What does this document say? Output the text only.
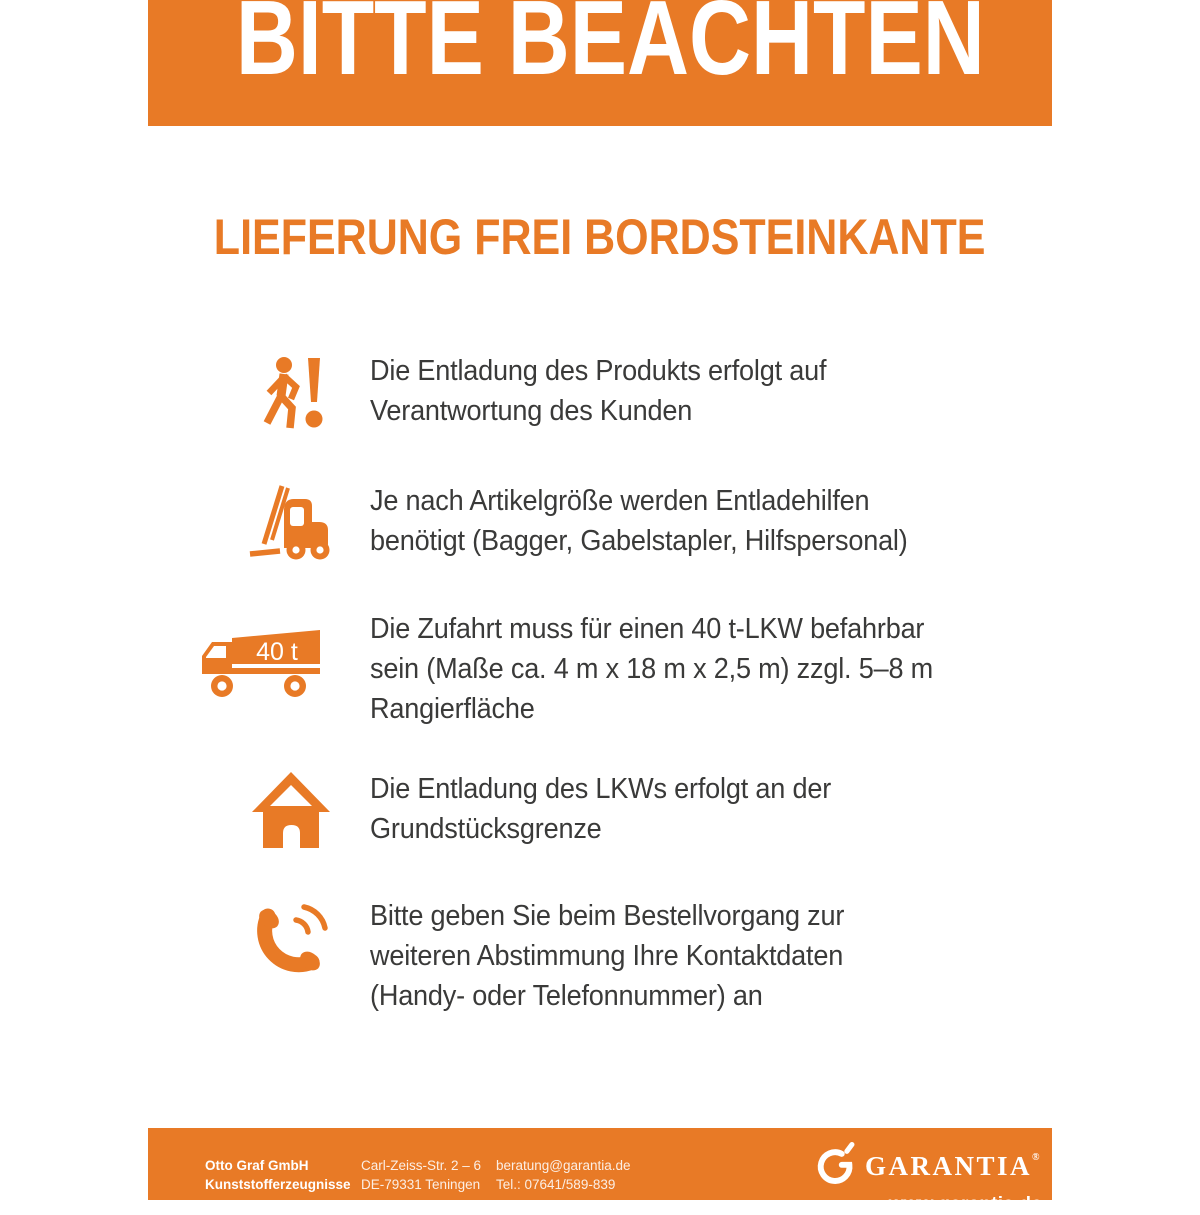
BITTE BEACHTEN
LIEFERUNG FREI BORDSTEINKANTE
Die Entladung des Produkts erfolgt auf
Verantwortung des Kunden
Je nach Artikelgröße werden Entladehilfen
benötigt (Bagger, Gabelstapler, Hilfspersonal)
40 t
Die Zufahrt muss für einen 40 t-LKW befahrbar
sein (Maße ca. 4 m x 18 m x 2,5 m) zzgl. 5–8 m
Rangierfläche
Die Entladung des LKWs erfolgt an der
Grundstücksgrenze
Bitte geben Sie beim Bestellvorgang zur
weiteren Abstimmung Ihre Kontaktdaten
(Handy- oder Telefonnummer) an
Otto Graf GmbH
Kunststofferzeugnisse
Carl-Zeiss-Str. 2 – 6
DE-79331 Teningen
beratung@garantia.de
Tel.: 07641/589-839
GARANTIA®
www.garantia.de
